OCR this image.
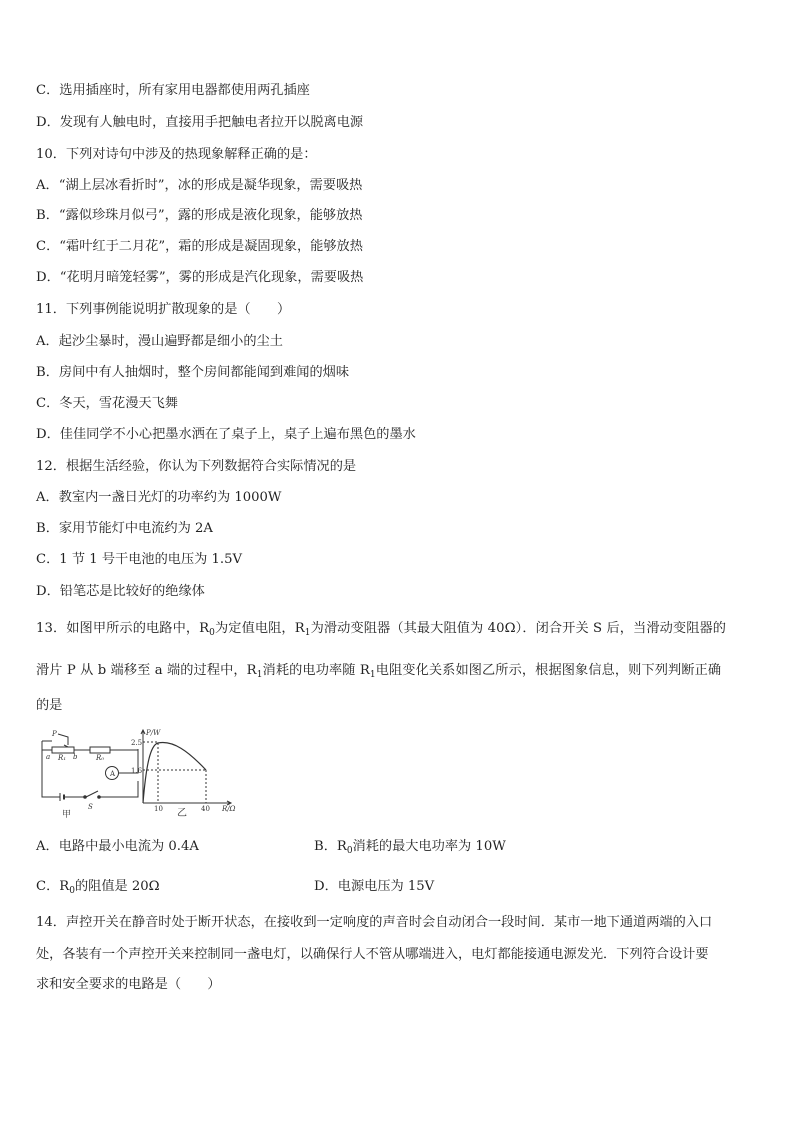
C．选用插座时，所有家用电器都使用两孔插座
D．发现有人触电时，直接用手把触电者拉开以脱离电源
10．下列对诗句中涉及的热现象解释正确的是：
A．“湖上层冰看折时”，冰的形成是凝华现象，需要吸热
B．“露似珍珠月似弓”，露的形成是液化现象，能够放热
C．“霜叶红于二月花”，霜的形成是凝固现象，能够放热
D．“花明月暗笼轻雾”，雾的形成是汽化现象，需要吸热
11．下列事例能说明扩散现象的是（　　）
A．起沙尘暴时，漫山遍野都是细小的尘土
B．房间中有人抽烟时，整个房间都能闻到难闻的烟味
C．冬天，雪花漫天飞舞
D．佳佳同学不小心把墨水洒在了桌子上，桌子上遍布黑色的墨水
12．根据生活经验，你认为下列数据符合实际情况的是
A．教室内一盏日光灯的功率约为 1000W
B．家用节能灯中电流约为 2A
C．1 节 1 号干电池的电压为 1.5V
D．铅笔芯是比较好的绝缘体
13．如图甲所示的电路中，$R_0$为定值电阻，$R_1$为滑动变阻器（其最大阻值为 40Ω）．闭合开关 S 后，当滑动变阻器的
滑片 P 从 b 端移至 a 端的过程中，$R_1$消耗的电功率随 $R_1$电阻变化关系如图乙所示，根据图象信息，则下列判断正确
的是
P
a	b
R₁	R₀
A
S
甲
P/W
2.5
1.6
10	40 R/Ω
乙
A．电路中最小电流为 0.4A	B．$R_0$消耗的最大电功率为 10W
C．$R_0$的阻值是 20Ω	D．电源电压为 15V
14．声控开关在静音时处于断开状态，在接收到一定响度的声音时会自动闭合一段时间．某市一地下通道两端的入口
处，各装有一个声控开关来控制同一盏电灯，以确保行人不管从哪端进入，电灯都能接通电源发光．下列符合设计要
求和安全要求的电路是（　　）
